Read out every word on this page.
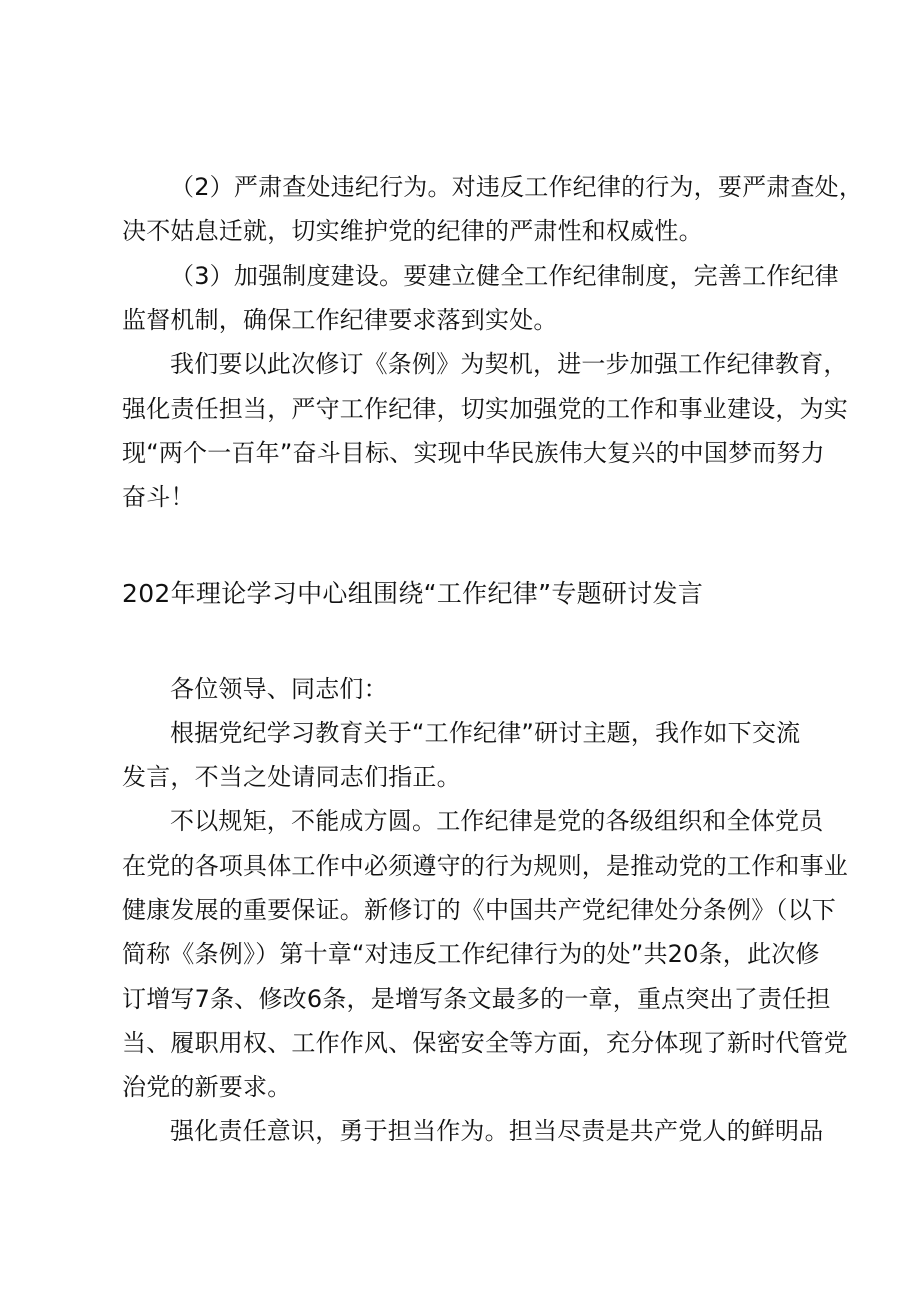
（2）严肃查处违纪行为。对违反工作纪律的行为，要严肃查处，
决不姑息迁就，切实维护党的纪律的严肃性和权威性。
（3）加强制度建设。要建立健全工作纪律制度，完善工作纪律
监督机制，确保工作纪律要求落到实处。
我们要以此次修订《条例》为契机，进一步加强工作纪律教育，
强化责任担当，严守工作纪律，切实加强党的工作和事业建设，为实
现“两个一百年”奋斗目标、实现中华民族伟大复兴的中国梦而努力
奋斗！
202年理论学习中心组围绕“工作纪律”专题研讨发言
各位领导、同志们：
根据党纪学习教育关于“工作纪律”研讨主题，我作如下交流
发言，不当之处请同志们指正。
不以规矩，不能成方圆。工作纪律是党的各级组织和全体党员
在党的各项具体工作中必须遵守的行为规则，是推动党的工作和事业
健康发展的重要保证。新修订的《中国共产党纪律处分条例》（以下
简称《条例》）第十章“对违反工作纪律行为的处”共20条，此次修
订增写7条、修改6条，是增写条文最多的一章，重点突出了责任担
当、履职用权、工作作风、保密安全等方面，充分体现了新时代管党
治党的新要求。
强化责任意识，勇于担当作为。担当尽责是共产党人的鲜明品
